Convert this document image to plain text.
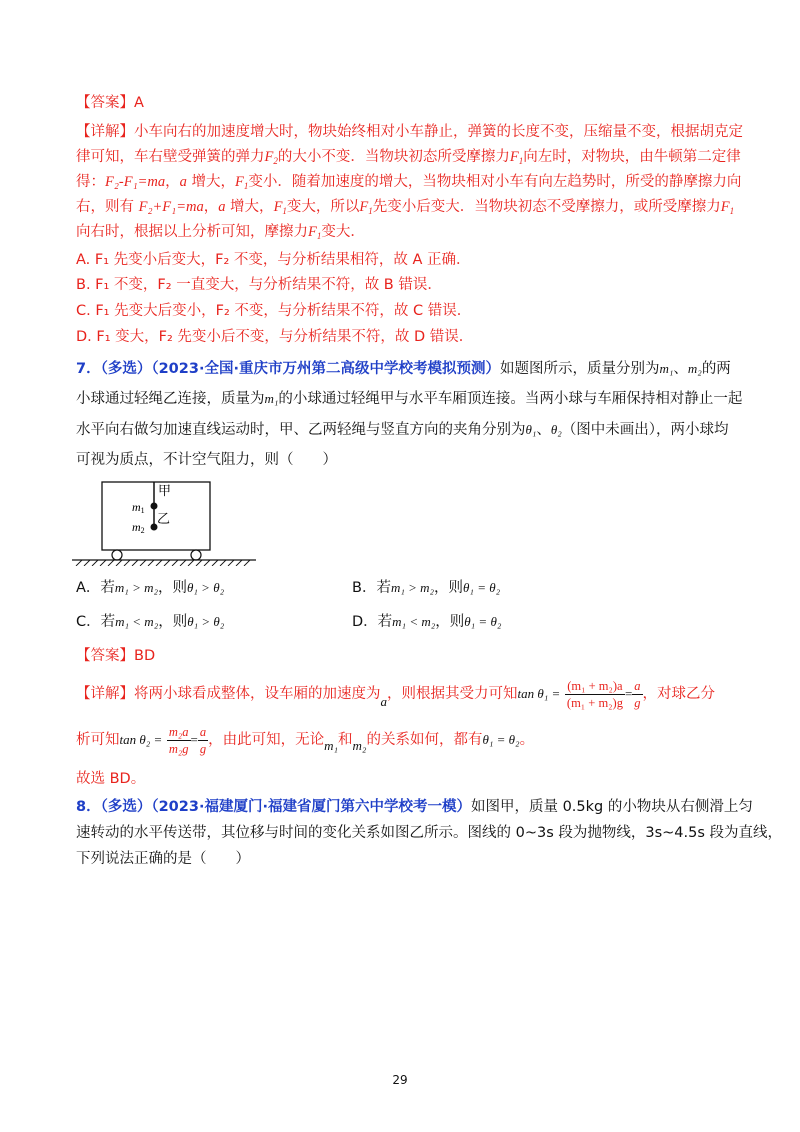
【答案】A
【详解】小车向右的加速度增大时，物块始终相对小车静止，弹簧的长度不变，压缩量不变，根据胡克定
律可知，车右壁受弹簧的弹力$F_2$的大小不变．当物块初态所受摩擦力$F_1$向左时，对物块，由牛顿第二定律
得：F₂-F₁=ma，a 增大，$F_1$变小．随着加速度的增大，当物块相对小车有向左趋势时，所受的静摩擦力向
右，则有 F₂+F₁=ma，a 增大，$F_1$变大，所以$F_1$先变小后变大．当物块初态不受摩擦力，或所受摩擦力$F_1$
向右时，根据以上分析可知，摩擦力$F_1$变大．
A. F₁ 先变小后变大，F₂ 不变，与分析结果相符，故 A 正确．
B. F₁ 不变，F₂ 一直变大，与分析结果不符，故 B 错误．
C. F₁ 先变大后变小，F₂ 不变，与分析结果不符，故 C 错误．
D. F₁ 变大，F₂ 先变小后不变，与分析结果不符，故 D 错误．
7．（多选）（2023·全国·重庆市万州第二高级中学校考模拟预测）如题图所示，质量分别为m₁、m₂的两
小球通过轻绳乙连接，质量为m₁的小球通过轻绳甲与水平车厢顶连接。当两小球与车厢保持相对静止一起
水平向右做匀加速直线运动时，甲、乙两轻绳与竖直方向的夹角分别为θ₁、θ₂（图中未画出），两小球均
可视为质点，不计空气阻力，则（　　）
甲
乙
m1
m2
A．若m₁ > m₂，则θ₁ > θ₂	B．若m₁ > m₂，则θ₁ = θ₂
C．若m₁ < m₂，则θ₁ > θ₂	D．若m₁ < m₂，则θ₁ = θ₂
【答案】BD
【详解】将两小球看成整体，设车厢的加速度为a，则根据其受力可知$\tan \theta_1 = \frac{\text{(m₁ + m₂)a}}{\text{(m₁ + m₂)g}} = \frac{a}{g}$ ，对球乙分
析可知$\tan \theta_2 = \frac{\text{m₂a}}{\text{m₂g}} = \frac{a}{g}$ ，由此可知，无论m₁和m₂的关系如何，都有θ₁ = θ₂。
故选 BD。
8．（多选）（2023·福建厦门·福建省厦门第六中学校考一模）如图甲，质量 0.5kg 的小物块从右侧滑上匀
速转动的水平传送带，其位移与时间的变化关系如图乙所示。图线的 0~3s 段为抛物线，3s~4.5s 段为直线，
下列说法正确的是（　　）
29
